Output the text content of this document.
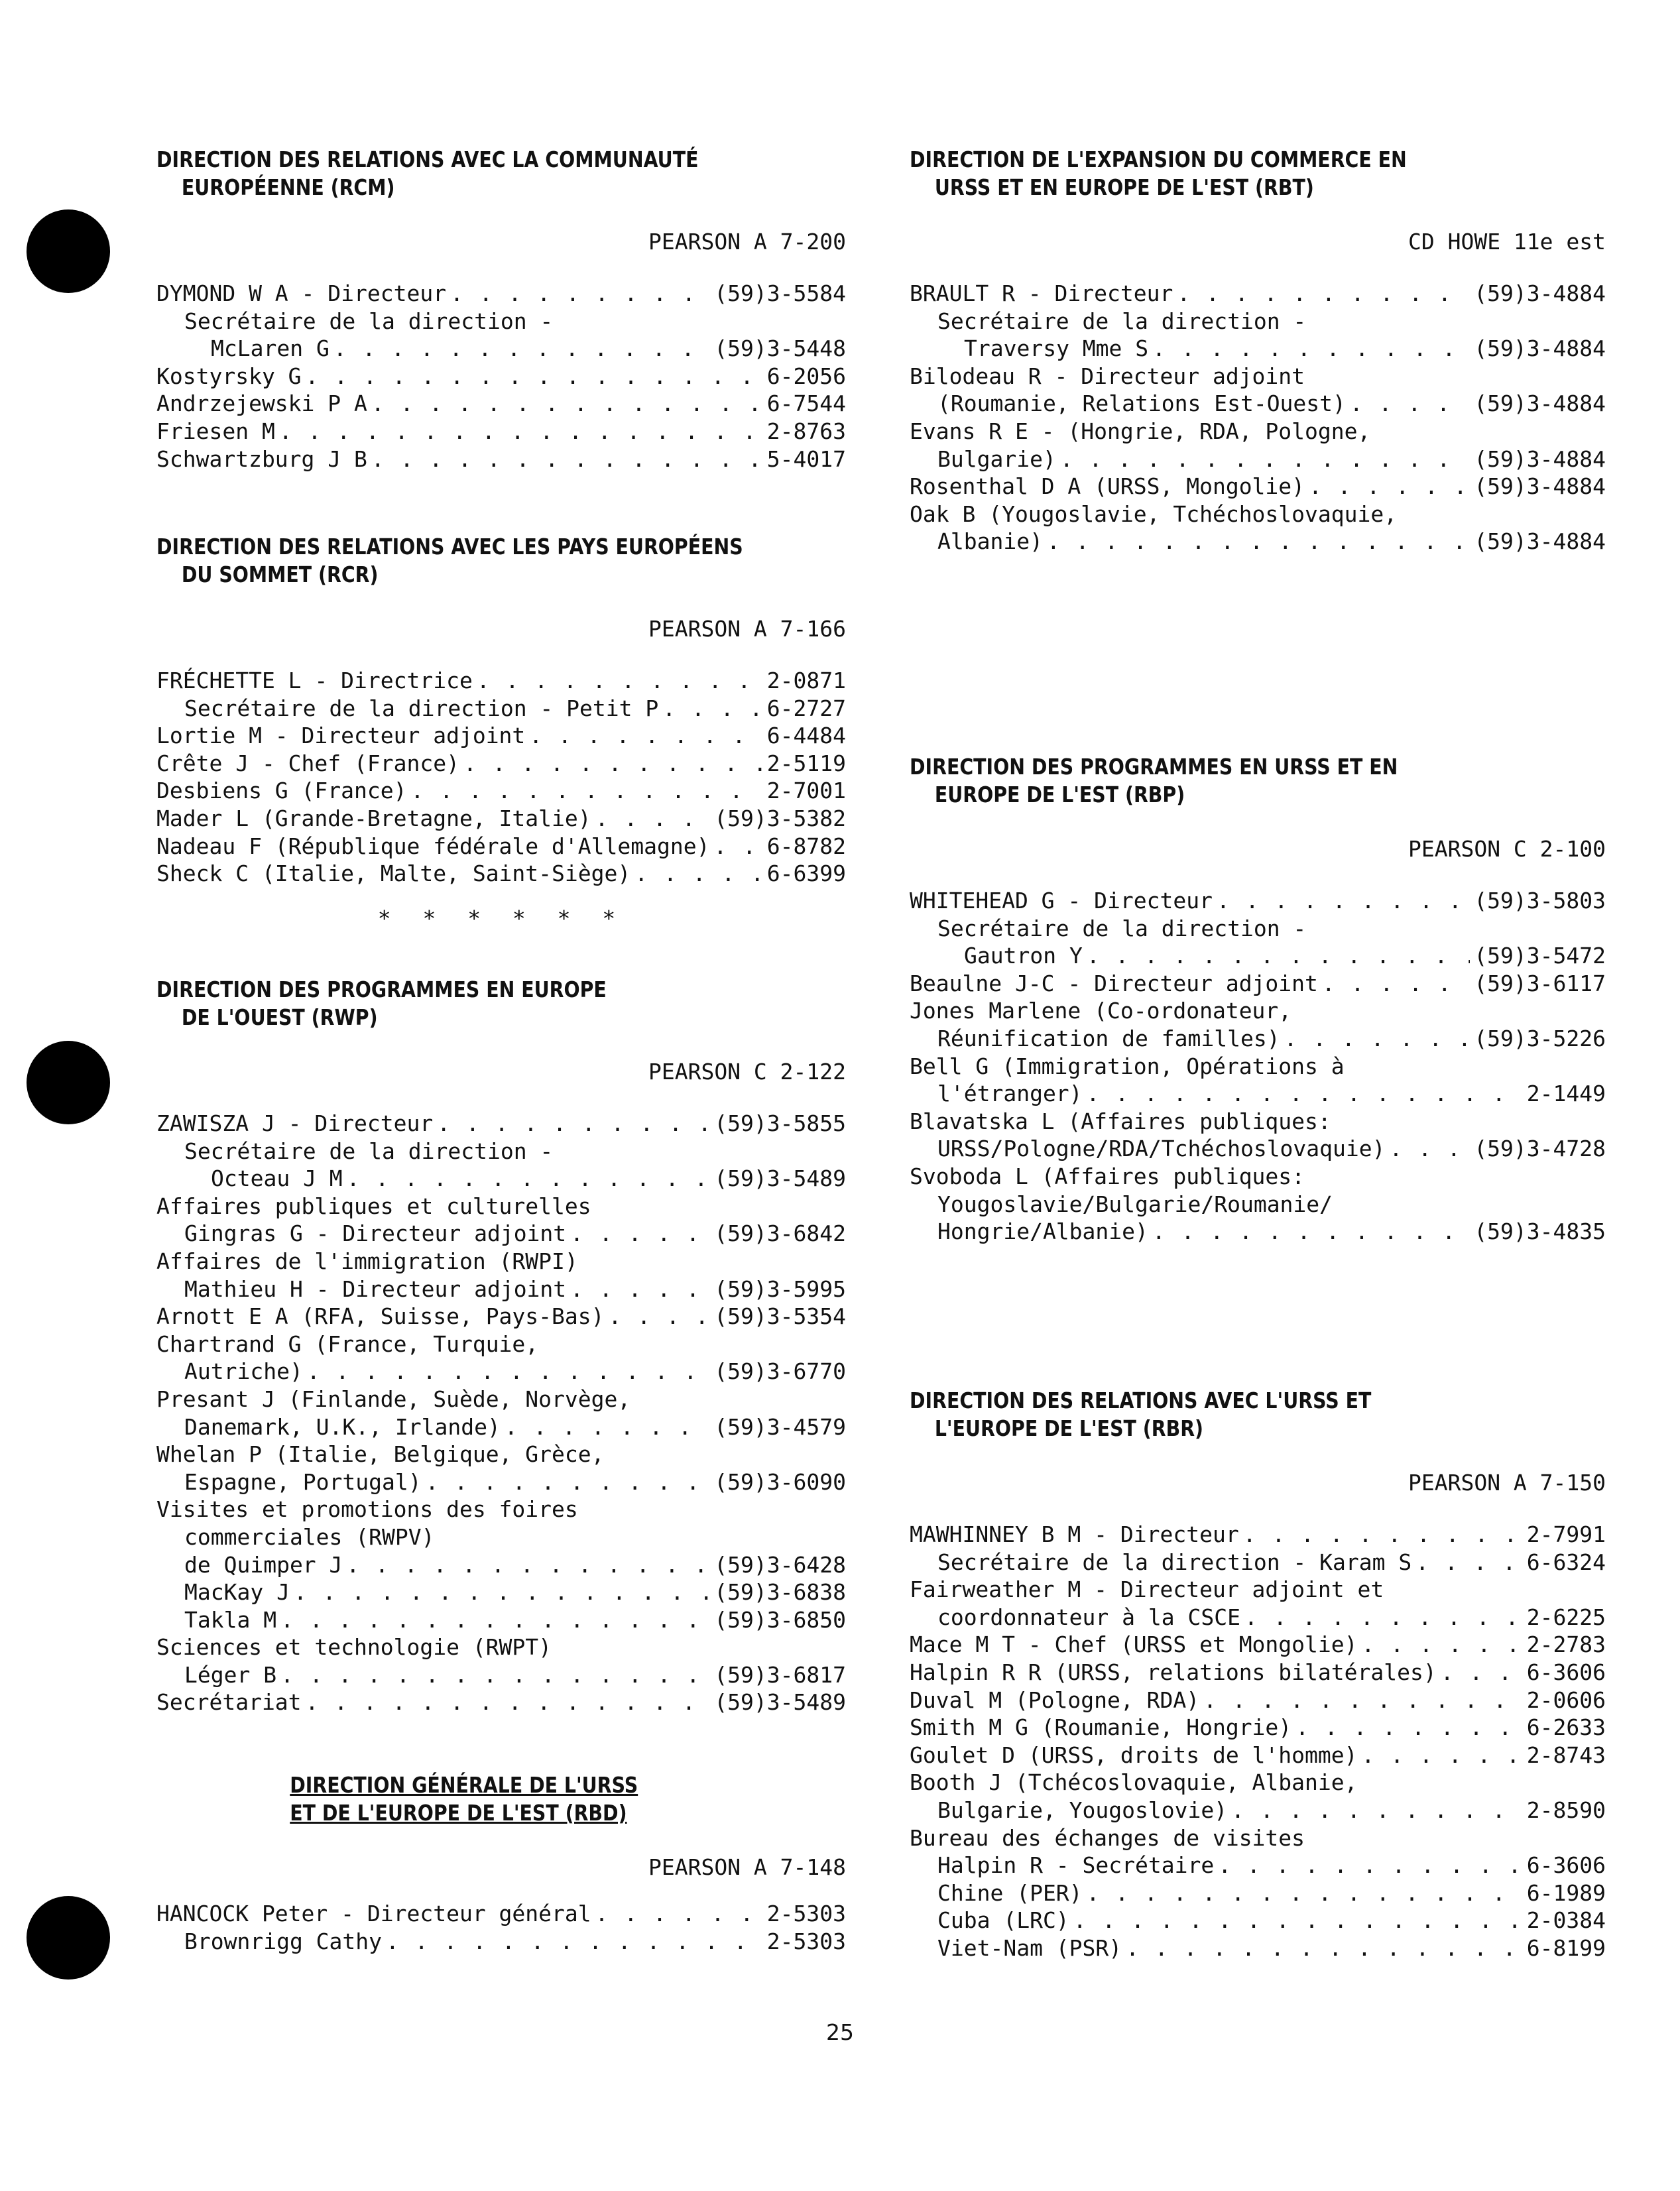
DIRECTION DES RELATIONS AVEC LA COMMUNAUTÉ
EUROPÉENNE (RCM)
PEARSON A 7-200
DYMOND W A - Directeur . . .	(59)3-5584
Secrétaire de la direction -
McLaren G . . .	(59)3-5448
Kostyrsky G . . .	6-2056
Andrzejewski P A . . .	6-7544
Friesen M . . .	2-8763
Schwartzburg J B . . .	5-4017
DIRECTION DES RELATIONS AVEC LES PAYS EUROPÉENS
DU SOMMET (RCR)
PEARSON A 7-166
FRÉCHETTE L - Directrice . . .	2-0871
Secrétaire de la direction - Petit P . . .	6-2727
Lortie M - Directeur adjoint . . .	6-4484
Crête J - Chef (France) . . .	2-5119
Desbiens G (France) . . .	2-7001
Mader L (Grande-Bretagne, Italie) . . .	(59)3-5382
Nadeau F (République fédérale d'Allemagne) . . .	6-8782
Sheck C (Italie, Malte, Saint-Siège) . . .	6-6399
* * * * * *
DIRECTION DES PROGRAMMES EN EUROPE
DE L'OUEST (RWP)
PEARSON C 2-122
ZAWISZA J - Directeur . . .	(59)3-5855
Secrétaire de la direction -
Octeau J M . . .	(59)3-5489
Affaires publiques et culturelles
Gingras G - Directeur adjoint . . .	(59)3-6842
Affaires de l'immigration (RWPI)
Mathieu H - Directeur adjoint . . .	(59)3-5995
Arnott E A (RFA, Suisse, Pays-Bas) . . .	(59)3-5354
Chartrand G (France, Turquie,
Autriche) . . .	(59)3-6770
Presant J (Finlande, Suède, Norvège,
Danemark, U.K., Irlande) . . .	(59)3-4579
Whelan P (Italie, Belgique, Grèce,
Espagne, Portugal) . . .	(59)3-6090
Visites et promotions des foires
commerciales (RWPV)
de Quimper J . . .	(59)3-6428
MacKay J . . .	(59)3-6838
Takla M . . .	(59)3-6850
Sciences et technologie (RWPT)
Léger B . . .	(59)3-6817
Secrétariat . . .	(59)3-5489
DIRECTION GÉNÉRALE DE L'URSS
ET DE L'EUROPE DE L'EST (RBD)
PEARSON A 7-148
HANCOCK Peter - Directeur général . . .	2-5303
Brownrigg Cathy . . .	2-5303
DIRECTION DE L'EXPANSION DU COMMERCE EN
URSS ET EN EUROPE DE L'EST (RBT)
CD HOWE 11e est
BRAULT R - Directeur . . .	(59)3-4884
Secrétaire de la direction -
Traversy Mme S . . .	(59)3-4884
Bilodeau R - Directeur adjoint
(Roumanie, Relations Est-Ouest) . . .	(59)3-4884
Evans R E - (Hongrie, RDA, Pologne,
Bulgarie) . . .	(59)3-4884
Rosenthal D A (URSS, Mongolie) . . .	(59)3-4884
Oak B (Yougoslavie, Tchéchoslovaquie,
Albanie) . . .	(59)3-4884
DIRECTION DES PROGRAMMES EN URSS ET EN
EUROPE DE L'EST (RBP)
PEARSON C 2-100
WHITEHEAD G - Directeur . . .	(59)3-5803
Secrétaire de la direction -
Gautron Y . . .	(59)3-5472
Beaulne J-C - Directeur adjoint . . .	(59)3-6117
Jones Marlene (Co-ordonateur,
Réunification de familles) . . .	(59)3-5226
Bell G (Immigration, Opérations à
l'étranger) . . .	2-1449
Blavatska L (Affaires publiques:
URSS/Pologne/RDA/Tchéchoslovaquie) . . .	(59)3-4728
Svoboda L (Affaires publiques:
Yougoslavie/Bulgarie/Roumanie/
Hongrie/Albanie) . . .	(59)3-4835
DIRECTION DES RELATIONS AVEC L'URSS ET
L'EUROPE DE L'EST (RBR)
PEARSON A 7-150
MAWHINNEY B M - Directeur . . .	2-7991
Secrétaire de la direction - Karam S . . .	6-6324
Fairweather M - Directeur adjoint et
coordonnateur à la CSCE . . .	2-6225
Mace M T - Chef (URSS et Mongolie) . . .	2-2783
Halpin R R (URSS, relations bilatérales) . . .	6-3606
Duval M (Pologne, RDA) . . .	2-0606
Smith M G (Roumanie, Hongrie) . . .	6-2633
Goulet D (URSS, droits de l'homme) . . .	2-8743
Booth J (Tchécoslovaquie, Albanie,
Bulgarie, Yougoslovie) . . .	2-8590
Bureau des échanges de visites
Halpin R - Secrétaire . . .	6-3606
Chine (PER) . . .	6-1989
Cuba (LRC) . . .	2-0384
Viet-Nam (PSR) . . .	6-8199
25
